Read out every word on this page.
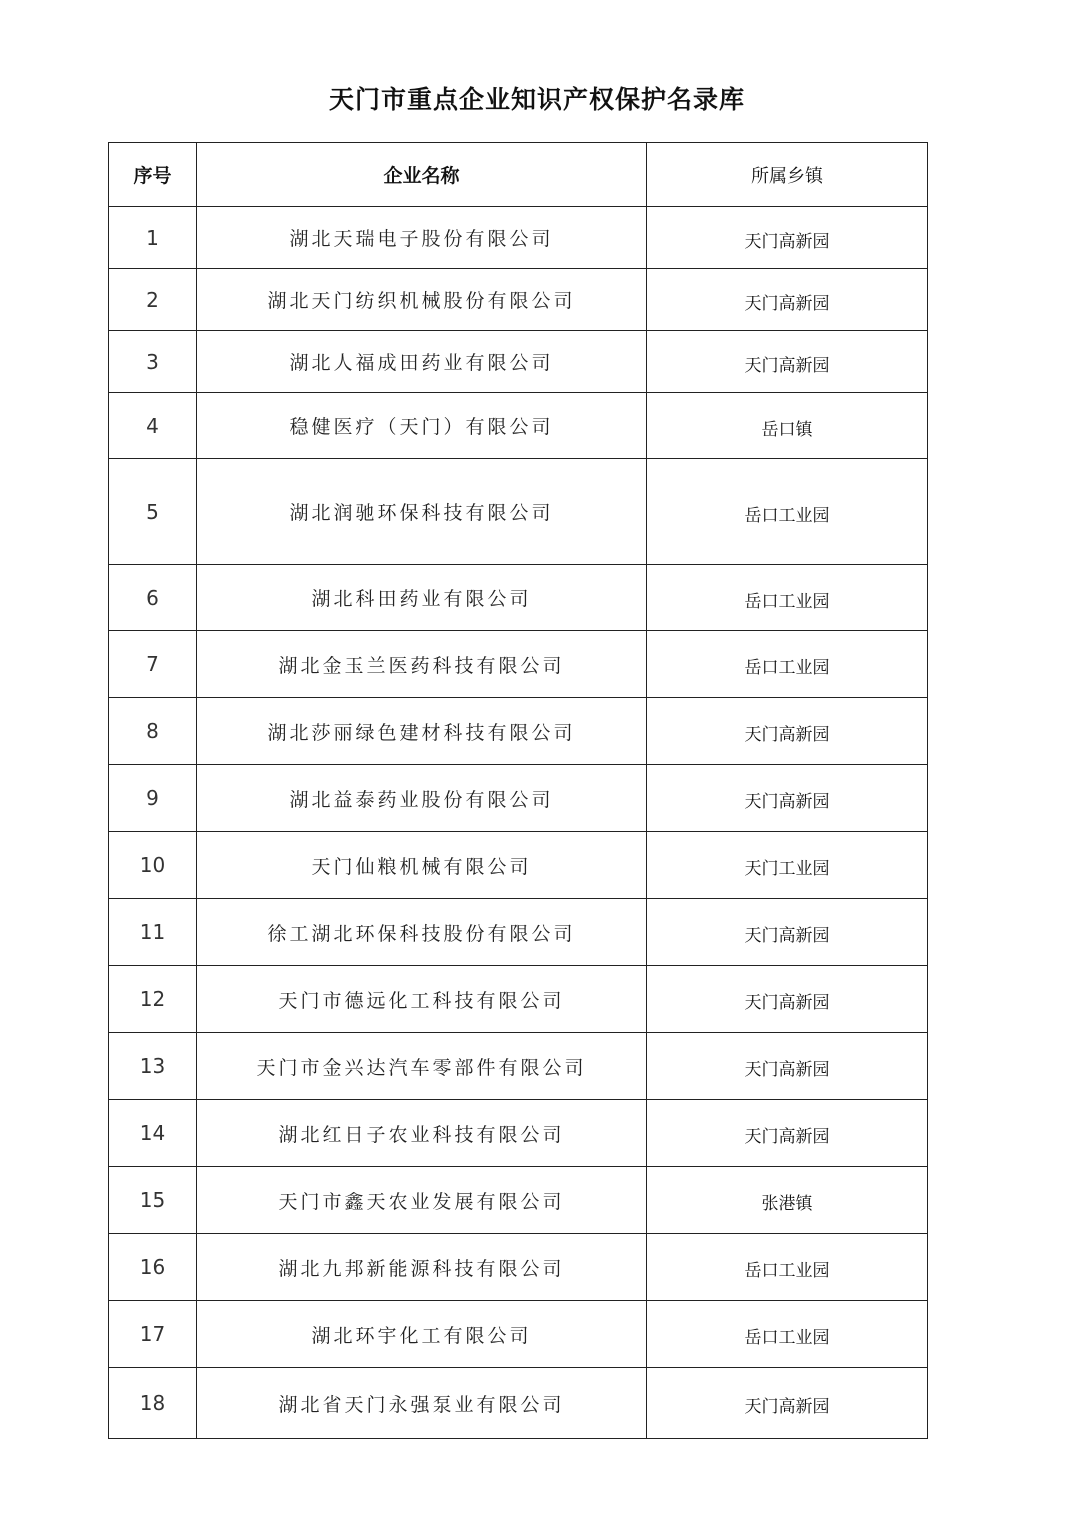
天门市重点企业知识产权保护名录库
序号	企业名称	所属乡镇
1	湖北天瑞电子股份有限公司	天门高新园
2	湖北天门纺织机械股份有限公司	天门高新园
3	湖北人福成田药业有限公司	天门高新园
4	稳健医疗（天门）有限公司	岳口镇
5	湖北润驰环保科技有限公司	岳口工业园
6	湖北科田药业有限公司	岳口工业园
7	湖北金玉兰医药科技有限公司	岳口工业园
8	湖北莎丽绿色建材科技有限公司	天门高新园
9	湖北益泰药业股份有限公司	天门高新园
10	天门仙粮机械有限公司	天门工业园
11	徐工湖北环保科技股份有限公司	天门高新园
12	天门市德远化工科技有限公司	天门高新园
13	天门市金兴达汽车零部件有限公司	天门高新园
14	湖北红日子农业科技有限公司	天门高新园
15	天门市鑫天农业发展有限公司	张港镇
16	湖北九邦新能源科技有限公司	岳口工业园
17	湖北环宇化工有限公司	岳口工业园
18	湖北省天门永强泵业有限公司	天门高新园
